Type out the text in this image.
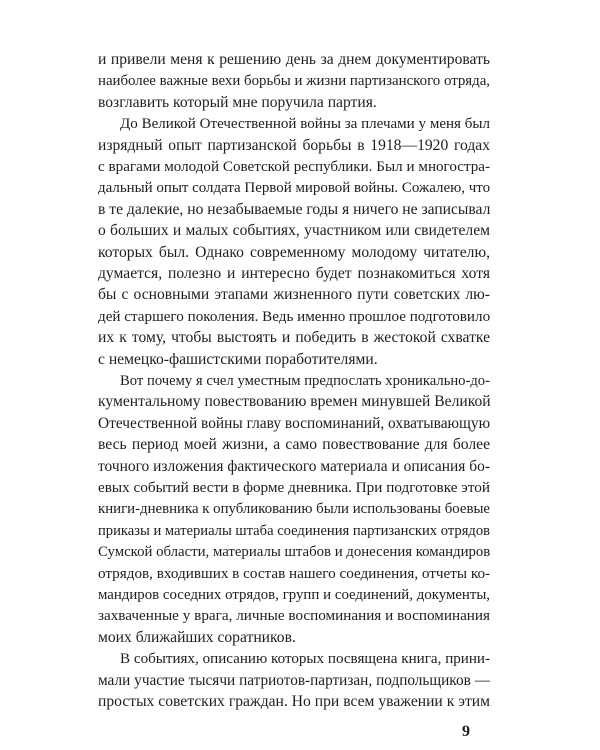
и привели меня к решению день за днем документировать
наиболее важные вехи борьбы и жизни партизанского отряда,
возглавить который мне поручила партия.
До Великой Отечественной войны за плечами у меня был
изрядный опыт партизанской борьбы в 1918—1920 годах
с врагами молодой Советской республики. Был и многостра-
дальный опыт солдата Первой мировой войны. Сожалею, что
в те далекие, но незабываемые годы я ничего не записывал
о больших и малых событиях, участником или свидетелем
которых был. Однако современному молодому читателю,
думается, полезно и интересно будет познакомиться хотя
бы с основными этапами жизненного пути советских лю-
дей старшего поколения. Ведь именно прошлое подготовило
их к тому, чтобы выстоять и победить в жестокой схватке
с немецко-фашистскими поработителями.
Вот почему я счел уместным предпослать хроникально-до-
кументальному повествованию времен минувшей Великой
Отечественной войны главу воспоминаний, охватывающую
весь период моей жизни, а само повествование для более
точного изложения фактического материала и описания бо-
евых событий вести в форме дневника. При подготовке этой
книги-дневника к опубликованию были использованы боевые
приказы и материалы штаба соединения партизанских отрядов
Сумской области, материалы штабов и донесения командиров
отрядов, входивших в состав нашего соединения, отчеты ко-
мандиров соседних отрядов, групп и соединений, документы,
захваченные у врага, личные воспоминания и воспоминания
моих ближайших соратников.
В событиях, описанию которых посвящена книга, прини-
мали участие тысячи патриотов-партизан, подпольщиков —
простых советских граждан. Но при всем уважении к этим
9
